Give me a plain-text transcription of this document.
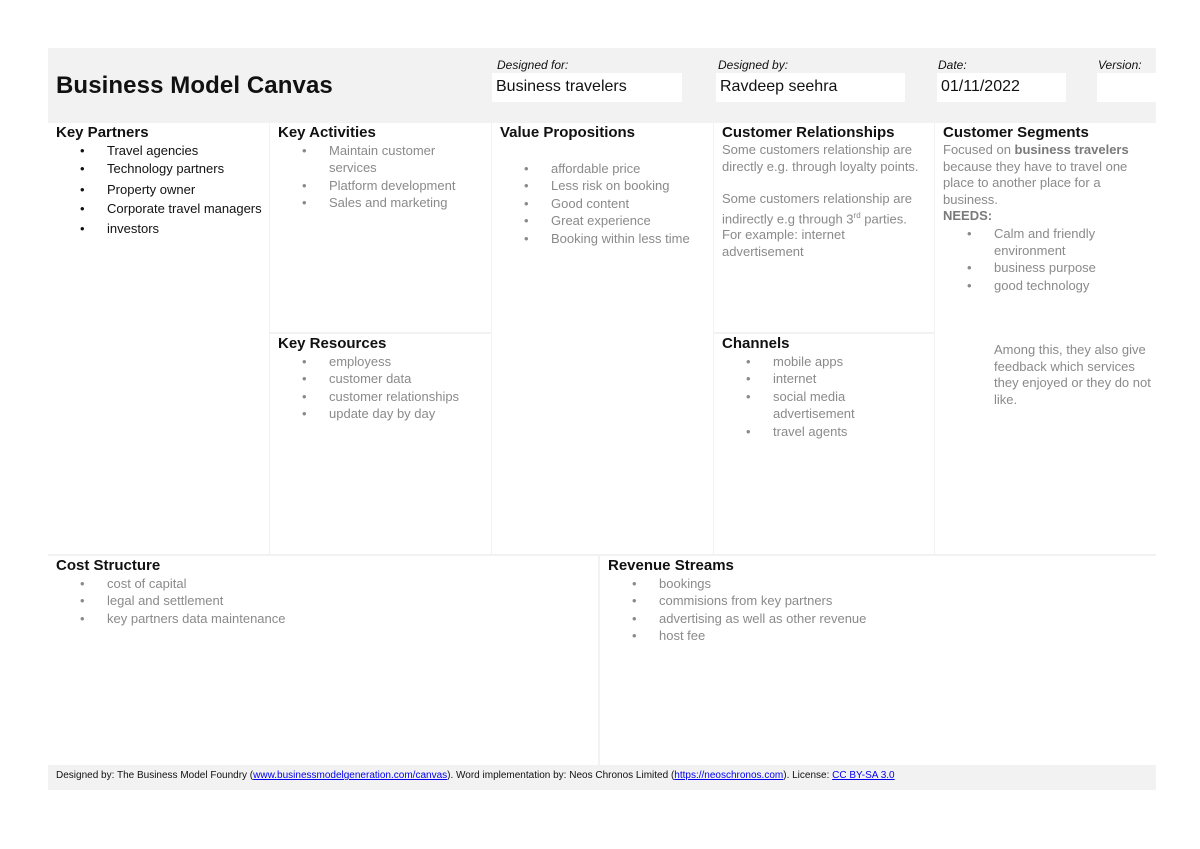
Business Model Canvas
Designed for:
Business travelers
Designed by:
Ravdeep seehra
Date:
01/11/2022
Version:
Key Partners
• Travel agencies
• Technology partners
• Property owner
• Corporate travel managers
• investors
Key Activities
• Maintain customer services
• Platform development
• Sales and marketing
Key Resources
• employess
• customer data
• customer relationships
• update day by day
Value Propositions
• affordable price
• Less risk on booking
• Good content
• Great experience
• Booking within less time
Customer Relationships

Some customers relationship are directly e.g. through loyalty points.

Some customers relationship are indirectly e.g through 3rd parties. For example: internet advertisement

Channels
• mobile apps
• internet
• social media advertisement
• travel agents
Customer Segments

Focused on business travelers because they have to travel one place to another place for a business.

NEEDS:

• Calm and friendly environment
• business purpose
• good technology

Among this, they also give feedback which services they enjoyed or they do not like.

Cost Structure
• cost of capital
• legal and settlement
• key partners data maintenance
Revenue Streams
• bookings
• commisions from key partners
• advertising as well as other revenue
• host fee
Designed by: The Business Model Foundry (www.businessmodelgeneration.com/canvas). Word implementation by: Neos Chronos Limited (https://neoschronos.com). License: CC BY-SA 3.0
